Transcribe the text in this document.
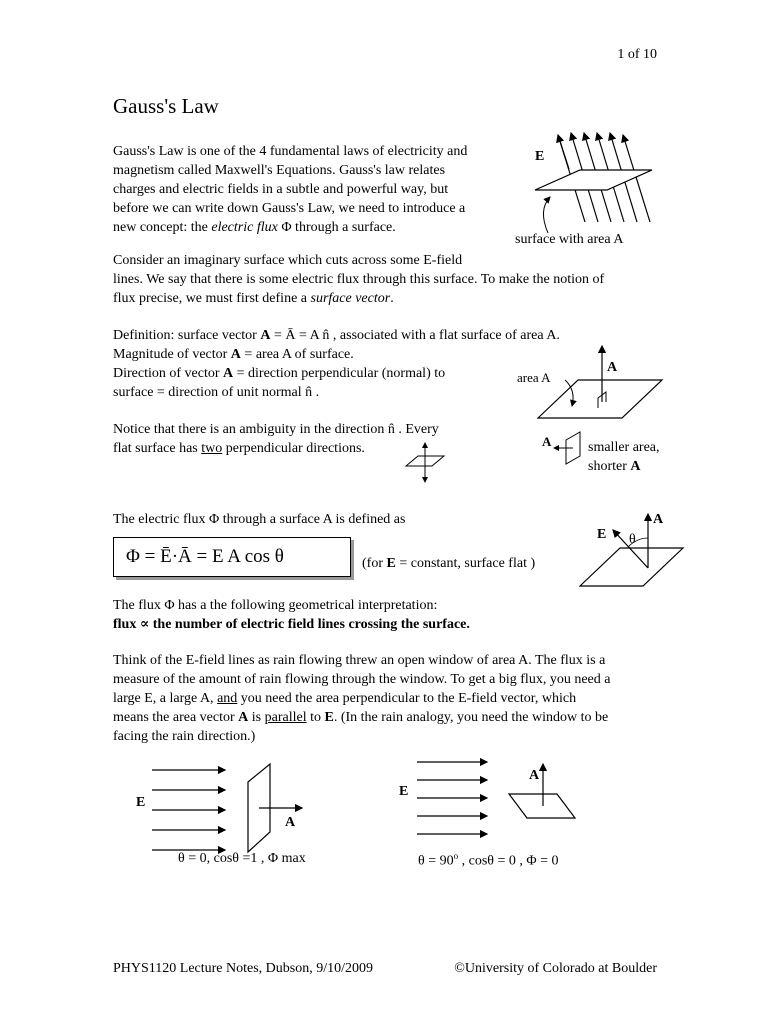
1 of 10
Gauss's Law

Gauss's Law is one of the 4 fundamental laws of electricity and

magnetism called Maxwell's Equations. Gauss's law relates

charges and electric fields in a subtle and powerful way, but

before we can write down Gauss's Law, we need to introduce a

new concept: the electric flux Φ through a surface.

E
surface with area A

Consider an imaginary surface which cuts across some E-field

lines. We say that there is some electric flux through this surface. To make the notion of

flux precise, we must first define a surface vector.

Definition: surface vector A = Ā = A n̂ , associated with a flat surface of area A.

Magnitude of vector A = area A of surface.

Direction of vector A = direction perpendicular (normal) to

surface = direction of unit normal n̂ .

area A
A

Notice that there is an ambiguity in the direction n̂ . Every

flat surface has two perpendicular directions.	A	smaller area,
shorter A
The electric flux Φ through a surface A is defined as
Φ = Ē·Ā = E A cos θ	(for E = constant, surface flat )
E
A
θ

The flux Φ has a the following geometrical interpretation:

flux ∝ the number of electric field lines crossing the surface.

Think of the E-field lines as rain flowing threw an open window of area A. The flux is a

measure of the amount of rain flowing through the window. To get a big flux, you need a

large E, a large A, and you need the area perpendicular to the E-field vector, which

means the area vector A is parallel to E. (In the rain analogy, you need the window to be

facing the rain direction.)

E
A
θ = 0, cosθ =1 , Φ max
E
A
$\theta = 90^o$ , cosθ = 0 , Φ = 0
PHYS1120 Lecture Notes, Dubson, 9/10/2009	©University of Colorado at Boulder
